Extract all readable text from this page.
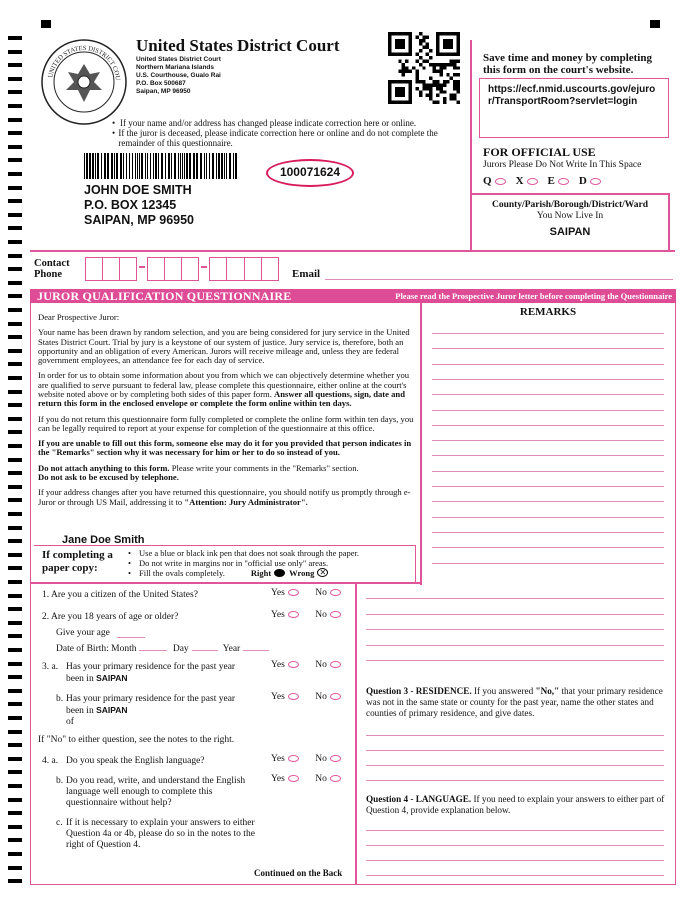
UNITED STATES DISTRICT COU
United States District Court
United States District Court
Northern Mariana Islands
U.S. Courthouse, Gualo Rai
P.O. Box 500687
Saipan, MP 96950
• If your name and/or address has changed please indicate correction here or online.
• If the juror is deceased, please indicate correction here or online and do not complete the remainder of this questionnaire.
100071624
JOHN DOE SMITH
P.O. BOX 12345
SAIPAN, MP 96950
Save time and money by completing this form on the court's website.
https://ecf.nmid.uscourts.gov/ejuror/TransportRoom?servlet=login
FOR OFFICIAL USE
Jurors Please Do Not Write In This Space
Q	X	E	D
County/Parish/Borough/District/Ward
You Now Live In
SAIPAN
Contact Phone	Email
JUROR QUALIFICATION QUESTIONNAIRE	Please read the Prospective Juror letter before completing the Questionnaire
REMARKS

Dear Prospective Juror:

Your name has been drawn by random selection, and you are being considered for jury service in the United States District Court. Trial by jury is a keystone of our system of justice. Jury service is, therefore, both an opportunity and an obligation of every American. Jurors will receive mileage and, unless they are federal government employees, an attendance fee for each day of service.

In order for us to obtain some information about you from which we can objectively determine whether you are qualified to serve pursuant to federal law, please complete this questionnaire, either online at the court's website noted above or by completing both sides of this paper form. Answer all questions, sign, date and return this form in the enclosed envelope or complete the form online within ten days.

If you do not return this questionnaire form fully completed or complete the online form within ten days, you can be legally required to report at your expense for completion of the questionnaire at this office.

If you are unable to fill out this form, someone else may do it for you provided that person indicates in the "Remarks" section why it was necessary for him or her to do so instead of you.

Do not attach anything to this form. Please write your comments in the "Remarks" section.
Do not ask to be excused by telephone.

If your address changes after you have returned this questionnaire, you should notify us promptly through e-Juror or through US Mail, addressing it to "Attention: Jury Administrator".

Jane Doe Smith
If completing a paper copy:
• Use a blue or black ink pen that does not soak through the paper.
• Do not write in margins nor in "official use only" areas.
• Fill the ovals completely.	Right Wrong ✕
1. Are you a citizen of the United States?	Yes	No
2. Are you 18 years of age or older?	Yes	No
Give your age
Date of Birth: Month	Day	Year
3. a. Has your primary residence for the past year been in SAIPAN
Yes	No
b. Has your primary residence for the past year been in SAIPAN
of
Yes	No
If "No" to either question, see the notes to the right.
4. a. Do you speak the English language?	Yes	No
b. Do you read, write, and understand the English language well enough to complete this questionnaire without help?
Yes	No
c. If it is necessary to explain your answers to either Question 4a or 4b, please do so in the notes to the right of Question 4.
Continued on the Back
Question 3 - RESIDENCE. If you answered "No," that your primary residence was not in the same state or county for the past year, name the other states and counties of primary residence, and give dates.
Question 4 - LANGUAGE. If you need to explain your answers to either part of Question 4, provide explanation below.
